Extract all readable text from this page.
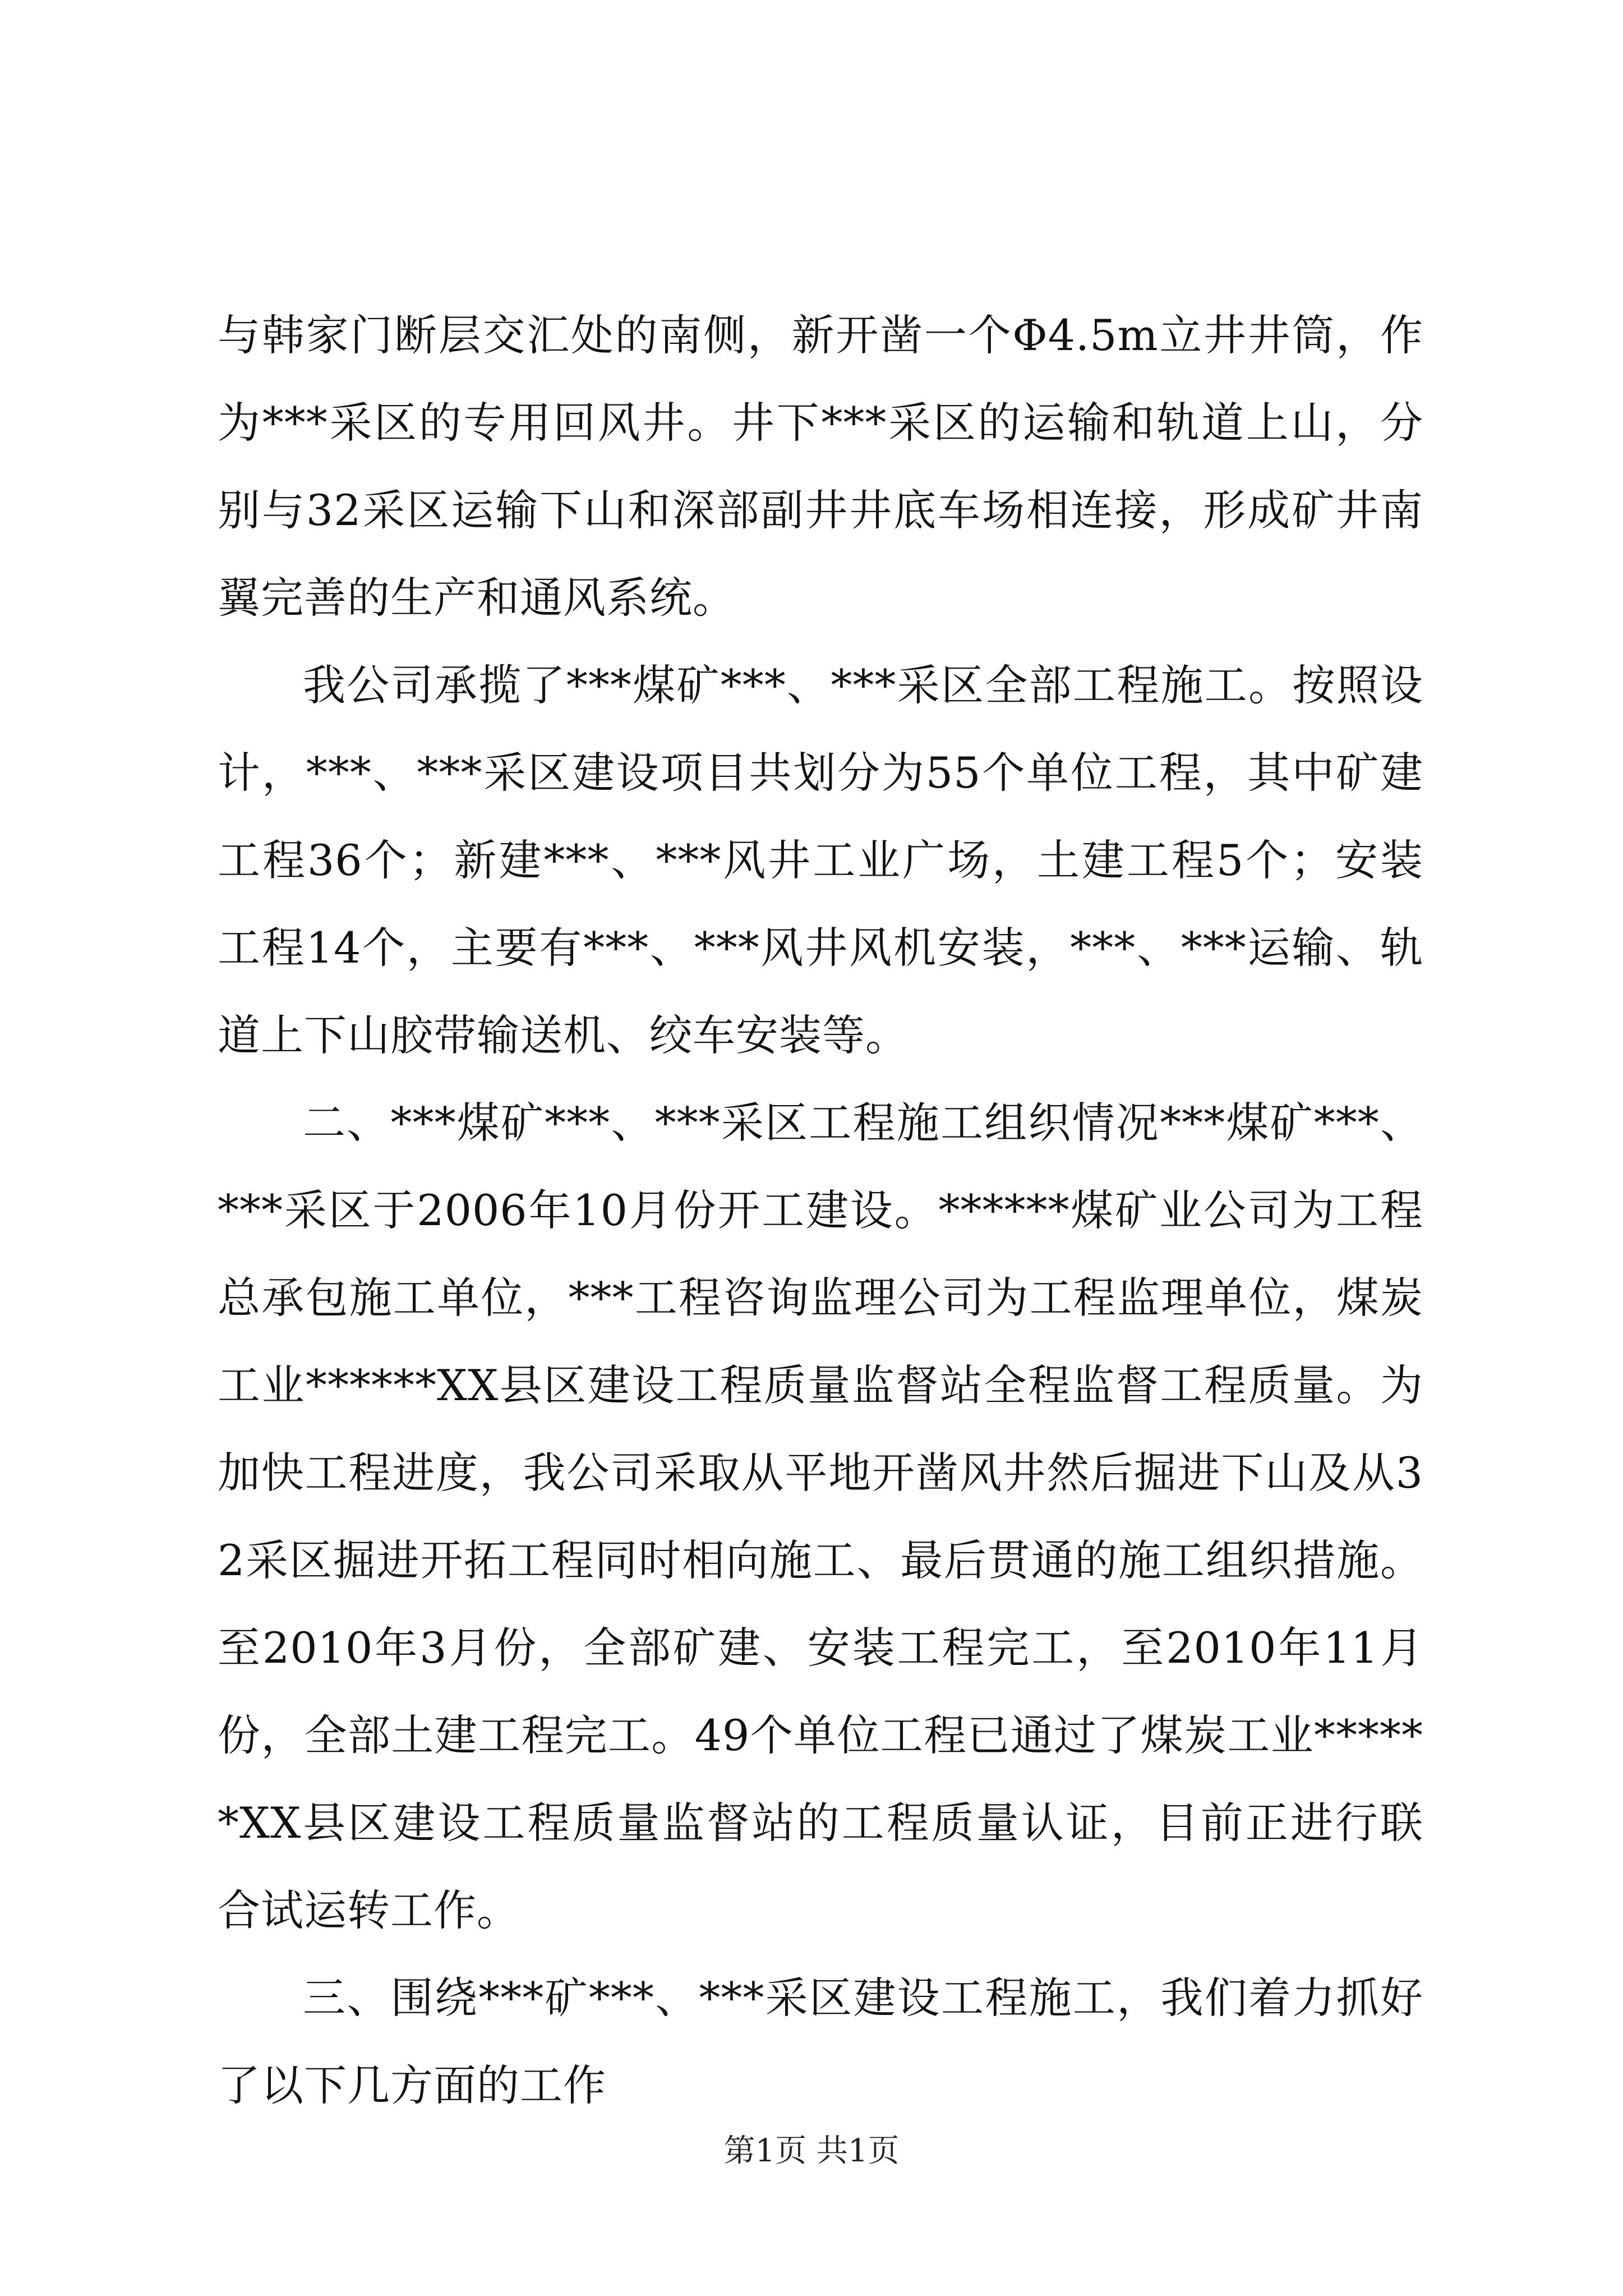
与韩家门断层交汇处的南侧，新开凿一个Φ4.5m立井井筒，作为***采区的专用回风井。井下***采区的运输和轨道上山，分别与32采区运输下山和深部副井井底车场相连接，形成矿井南翼完善的生产和通风系统。

我公司承揽了***煤矿***、***采区全部工程施工。按照设计，***、***采区建设项目共划分为55个单位工程，其中矿建工程36个；新建***、***风井工业广场，土建工程5个；安装工程14个，主要有***、***风井风机安装，***、***运输、轨道上下山胶带输送机、绞车安装等。

二、***煤矿***、***采区工程施工组织情况***煤矿***、***采区于2006年10月份开工建设。******煤矿业公司为工程总承包施工单位，***工程咨询监理公司为工程监理单位，煤炭工业******XX县区建设工程质量监督站全程监督工程质量。为加快工程进度，我公司采取从平地开凿风井然后掘进下山及从32采区掘进开拓工程同时相向施工、最后贯通的施工组织措施。至2010年3月份，全部矿建、安装工程完工，至2010年11月份，全部土建工程完工。49个单位工程已通过了煤炭工业******XX县区建设工程质量监督站的工程质量认证，目前正进行联合试运转工作。

三、围绕***矿***、***采区建设工程施工，我们着力抓好了以下几方面的工作

第1页 共1页
